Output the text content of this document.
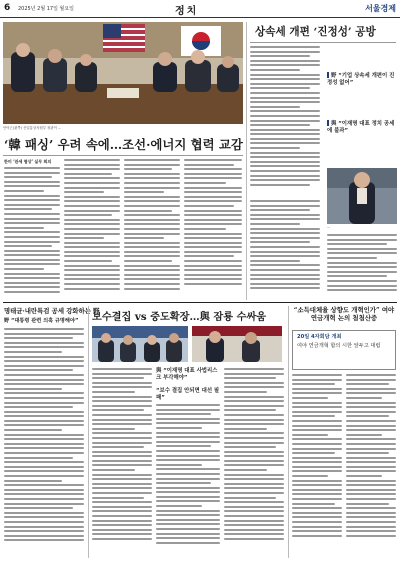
6 2025년 2월 17일 월요일	정치	서울경제
안덕근(왼쪽) 산업통상자원부 장관이 …
‘韓 패싱’ 우려 속에…조선·에너지 협력 교감
한미 ‘관세 협상’ 실무 회의
상속세 개편 ‘진정성’ 공방
野 “기업 상속세 개편이 진정성 없어”
與 “이재명 대표 정치 공세에 불과”
…
명태균·내란특검 공세 강화하는 野
野 “대통령 관련 의혹 규명해야”	보수결집 vs 중도확장…與 잠룡 수싸움
與 “이재명 대표 사법리스크 부각해야”
“보수 결집 안되면 대선 필패”
“소득대체율 상향도 개혁인가” 여야 연금개혁 논의 첨첨산중
20일 4자회담 개최
여야 연금개혁 합의 시한 앞두고 대립
